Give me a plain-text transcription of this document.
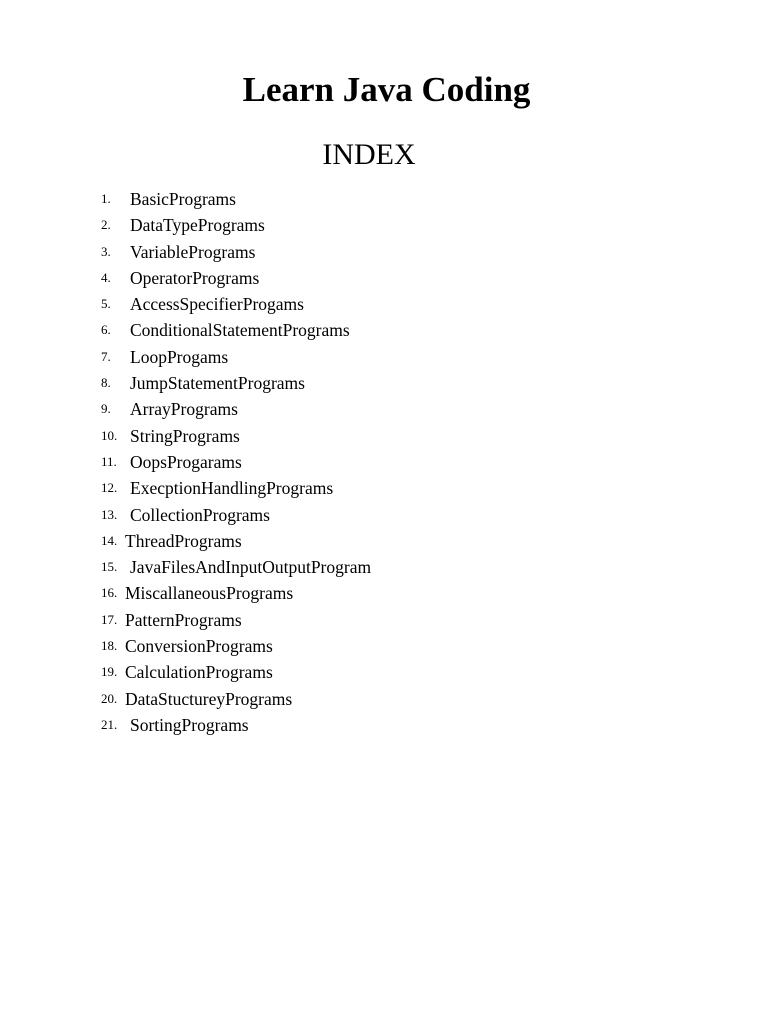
Learn Java Coding
INDEX
1. BasicPrograms
2. DataTypePrograms
3. VariablePrograms
4. OperatorPrograms
5. AccessSpecifierProgams
6. ConditionalStatementPrograms
7. LoopProgams
8. JumpStatementPrograms
9. ArrayPrograms
10. StringPrograms
11. OopsProgarams
12. ExecptionHandlingPrograms
13. CollectionPrograms
14. ThreadPrograms
15. JavaFilesAndInputOutputProgram
16. MiscallaneousPrograms
17. PatternPrograms
18. ConversionPrograms
19. CalculationPrograms
20. DataStuctureyPrograms
21. SortingPrograms
